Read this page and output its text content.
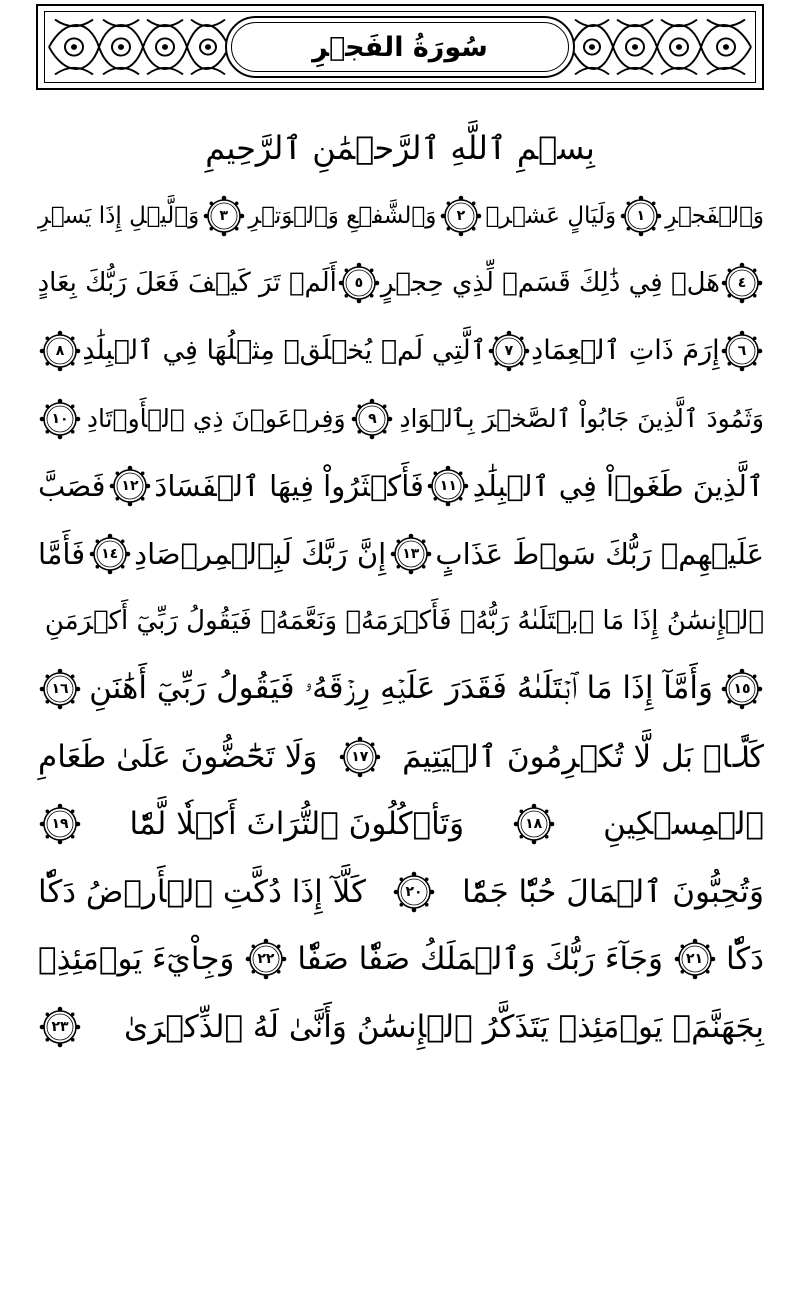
سُورَةُ الفَجۡرِ
بِسۡمِ ٱللَّهِ ٱلرَّحۡمَٰنِ ٱلرَّحِيمِ
وَٱلۡفَجۡرِ
١
وَلَيَالٍ عَشۡرٖ
٢
وَٱلشَّفۡعِ وَٱلۡوَتۡرِ
٣
وَٱلَّيۡلِ إِذَا يَسۡرِ
٤
هَلۡ فِي ذَٰلِكَ قَسَمٞ لِّذِي حِجۡرٍ
٥
أَلَمۡ تَرَ كَيۡفَ فَعَلَ رَبُّكَ بِعَادٍ
٦
إِرَمَ ذَاتِ ٱلۡعِمَادِ
٧
ٱلَّتِي لَمۡ يُخۡلَقۡ مِثۡلُهَا فِي ٱلۡبِلَٰدِ
٨
وَثَمُودَ ٱلَّذِينَ جَابُواْ ٱلصَّخۡرَ بِٱلۡوَادِ
٩
وَفِرۡعَوۡنَ ذِي ٱلۡأَوۡتَادِ
١٠
ٱلَّذِينَ طَغَوۡاْ فِي ٱلۡبِلَٰدِ
١١
فَأَكۡثَرُواْ فِيهَا ٱلۡفَسَادَ
١٢
فَصَبَّ
عَلَيۡهِمۡ رَبُّكَ سَوۡطَ عَذَابٍ
١٣
إِنَّ رَبَّكَ لَبِٱلۡمِرۡصَادِ
١٤
فَأَمَّا
ٱلۡإِنسَٰنُ إِذَا مَا ٱبۡتَلَىٰهُ رَبُّهُۥ فَأَكۡرَمَهُۥ وَنَعَّمَهُۥ فَيَقُولُ رَبِّيٓ أَكۡرَمَنِ
١٥
وَأَمَّآ إِذَا مَا ٱبۡتَلَىٰهُ فَقَدَرَ عَلَيۡهِ رِزۡقَهُۥ فَيَقُولُ رَبِّيٓ أَهَٰنَنِ
١٦
كَلَّاۖ بَل لَّا تُكۡرِمُونَ ٱلۡيَتِيمَ
١٧
وَلَا تَحَٰٓضُّونَ عَلَىٰ طَعَامِ
ٱلۡمِسۡكِينِ
١٨
وَتَأۡكُلُونَ ٱلتُّرَاثَ أَكۡلٗا لَّمّٗا
١٩
وَتُحِبُّونَ ٱلۡمَالَ حُبّٗا جَمّٗا
٢٠
كَلَّآ إِذَا دُكَّتِ ٱلۡأَرۡضُ دَكّٗا
دَكّٗا
٢١
وَجَآءَ رَبُّكَ وَٱلۡمَلَكُ صَفّٗا صَفّٗا
٢٢
وَجِاْيٓءَ يَوۡمَئِذِۭ
بِجَهَنَّمَۚ يَوۡمَئِذٖ يَتَذَكَّرُ ٱلۡإِنسَٰنُ وَأَنَّىٰ لَهُ ٱلذِّكۡرَىٰ
٢٣
